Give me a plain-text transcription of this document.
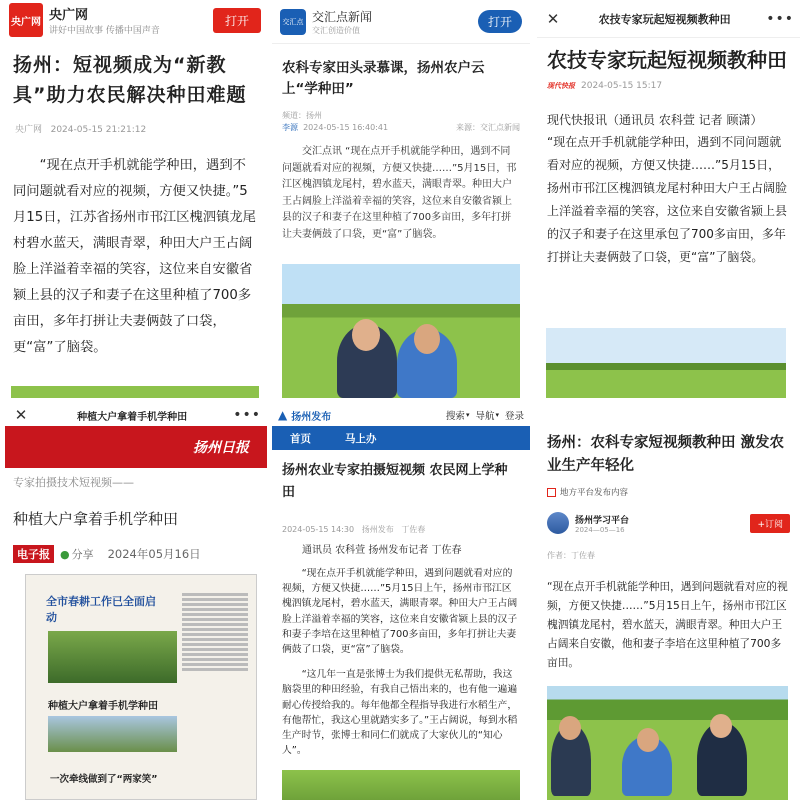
央广网 央广网
讲好中国故事 传播中国声音
打开
扬州：短视频成为“新教具”助力农民解决种田难题
央广网 2024-05-15 21:21:12
“现在点开手机就能学种田，遇到不同问题就看对应的视频，方便又快捷。”5月15日，江苏省扬州市邗江区槐泗镇龙尾村碧水蓝天，满眼青翠，种田大户王占阔脸上洋溢着幸福的笑容，这位来自安徽省颍上县的汉子和妻子在这里种植了700多亩田，多年打拼让夫妻俩鼓了口袋，更“富”了脑袋。
交汇点 交汇点新闻
交汇创造价值
打开
农科专家田头录慕课，扬州农户云上“学种田”
频道：扬州
李源 2024-05-15 16:40:41	来源：交汇点新闻
交汇点讯 “现在点开手机就能学种田，遇到不同问题就看对应的视频，方便又快捷……”5月15日，邗江区槐泗镇龙尾村，碧水蓝天，满眼青翠。种田大户王占阔脸上洋溢着幸福的笑容，这位来自安徽省颍上县的汉子和妻子在这里种植了700多亩田，多年打拼让夫妻俩鼓了口袋，更“富”了脑袋。
✕	农技专家玩起短视频教种田	•••
农技专家玩起短视频教种田
现代快报 2024-05-15 15:17
现代快报讯（通讯员 农科萱 记者 顾潇）
“现在点开手机就能学种田，遇到不同问题就看对应的视频，方便又快捷……”5月15日，扬州市邗江区槐泗镇龙尾村种田大户王占阔脸上洋溢着幸福的笑容，这位来自安徽省颍上县的汉子和妻子在这里承包了700多亩田，多年打拼让夫妻俩鼓了口袋，更“富”了脑袋。
✕	种植大户拿着手机学种田	•••
扬州日报
专家拍摄技术短视频——
种植大户拿着手机学种田
电子报 ● 分享 2024年05月16日
全市春耕工作已全面启动
种植大户拿着手机学种田
一次牵线做到了“两家笑”
▲ 扬州发布	搜索 ▾ 导航 ▾ 登录
首页	马上办
扬州农业专家拍摄短视频 农民网上学种田
2024-05-15 14:30 扬州发布 丁佐春
通讯员 农科萱 扬州发布记者 丁佐春
“现在点开手机就能学种田，遇到问题就看对应的视频，方便又快捷……”5月15日上午，扬州市邗江区槐泗镇龙尾村，碧水蓝天，满眼青翠。种田大户王占阔脸上洋溢着幸福的笑容，这位来自安徽省颍上县的汉子和妻子李培在这里种植了700多亩田，多年打拼让夫妻俩鼓了口袋，更“富”了脑袋。
“这几年一直是张博士为我们提供无私帮助，我这脑袋里的种田经验，有我自己悟出来的，也有他一遍遍耐心传授给我的。每年他都全程指导我进行水稻生产，有他帮忙，我这心里就踏实多了。”王占阔说，每到水稻生产时节，张博士和同仁们就成了大家伙儿的“知心人”。
扬州：农科专家短视频教种田 激发农业生产年轻化
地方平台发布内容
扬州学习平台
2024—05—16	+订阅
作者：丁佐春
“现在点开手机就能学种田，遇到问题就看对应的视频，方便又快捷……”5月15日上午，扬州市邗江区槐泗镇龙尾村，碧水蓝天，满眼青翠。种田大户王占阔来自安徽，他和妻子李培在这里种植了700多亩田。
